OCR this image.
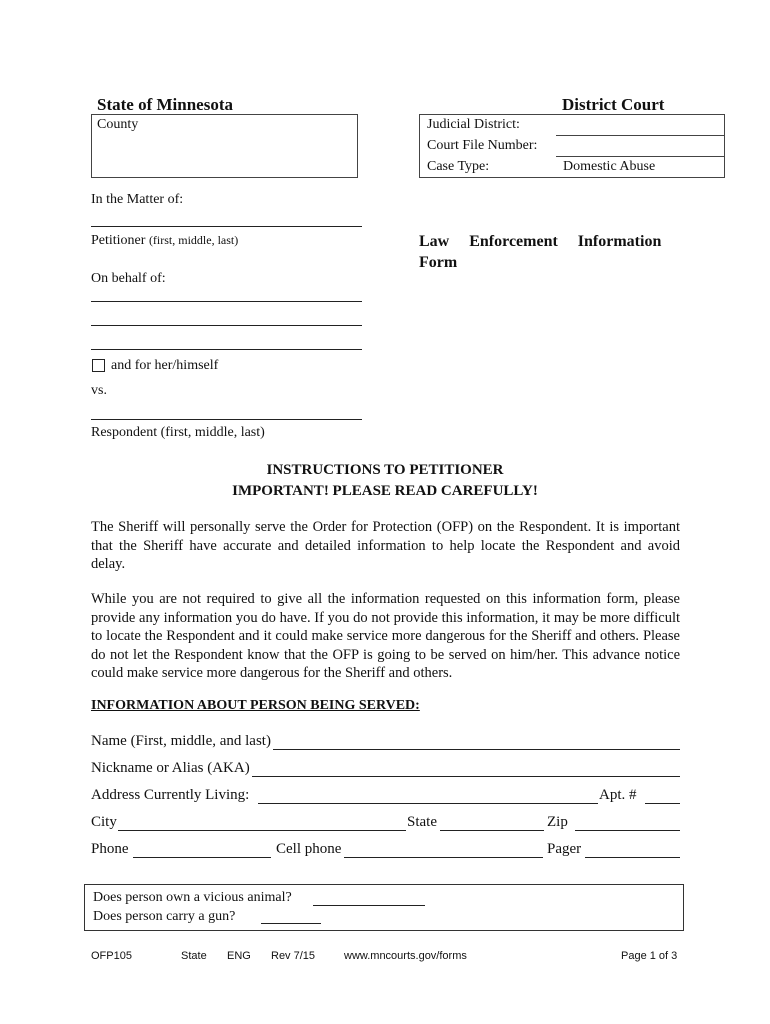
State of Minnesota	District Court
County	Judicial District:
Court File Number:
Case Type:	Domestic Abuse
In the Matter of:
Petitioner (first, middle, last)
On behalf of:
and for her/himself
vs.
Respondent (first, middle, last)
Law     Enforcement     Information
Form
INSTRUCTIONS TO PETITIONER
IMPORTANT! PLEASE READ CAREFULLY!
The Sheriff will personally serve the Order for Protection (OFP) on the Respondent. It is important that the Sheriff have accurate and detailed information to help locate the Respondent and avoid delay.
While you are not required to give all the information requested on this information form, please provide any information you do have. If you do not provide this information, it may be more difficult to locate the Respondent and it could make service more dangerous for the Sheriff and others. Please do not let the Respondent know that the OFP is going to be served on him/her. This advance notice could make service more dangerous for the Sheriff and others.
INFORMATION ABOUT PERSON BEING SERVED:
Name (First, middle, and last)
Nickname or Alias (AKA)
Address Currently Living:	Apt. #
City	State	Zip
Phone	Cell phone	Pager
Does person own a vicious animal?
Does person carry a gun?
OFP105	State ENG Rev 7/15	www.mncourts.gov/forms	Page 1 of 3
